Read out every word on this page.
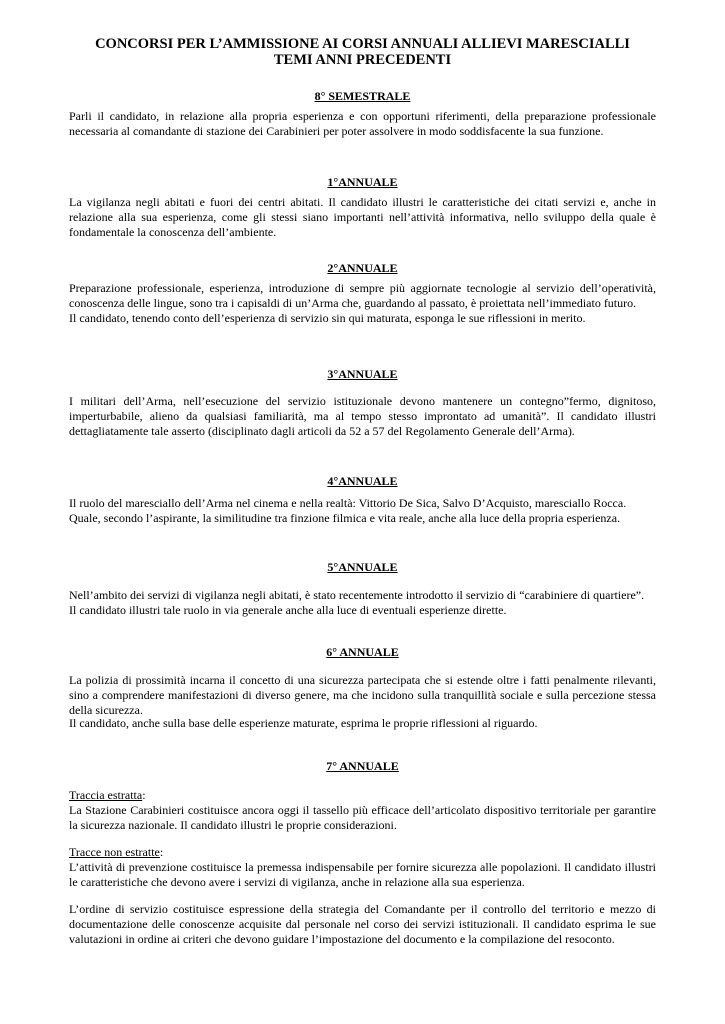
CONCORSI PER L’AMMISSIONE AI CORSI ANNUALI ALLIEVI MARESCIALLI
TEMI ANNI PRECEDENTI
8° SEMESTRALE

Parli il candidato, in relazione alla propria esperienza e con opportuni riferimenti, della preparazione professionale necessaria al comandante di stazione dei Carabinieri per poter assolvere in modo soddisfacente la sua funzione.

1°ANNUALE

La vigilanza negli abitati e fuori dei centri abitati. Il candidato illustri le caratteristiche dei citati servizi e, anche in relazione alla sua esperienza, come gli stessi siano importanti nell’attività informativa, nello sviluppo della quale è fondamentale la conoscenza dell’ambiente.

2°ANNUALE

Preparazione professionale, esperienza, introduzione di sempre più aggiornate tecnologie al servizio dell’operatività, conoscenza delle lingue, sono tra i capisaldi di un’Arma che, guardando al passato, è proiettata nell’immediato futuro.

Il candidato, tenendo conto dell’esperienza di servizio sin qui maturata, esponga le sue riflessioni in merito.

3°ANNUALE

I militari dell’Arma, nell’esecuzione del servizio istituzionale devono mantenere un contegno”fermo, dignitoso, imperturbabile, alieno da qualsiasi familiarità, ma al tempo stesso improntato ad umanità”. Il candidato illustri dettagliatamente tale asserto (disciplinato dagli articoli da 52 a 57 del Regolamento Generale dell’Arma).

4°ANNUALE

Il ruolo del maresciallo dell’Arma nel cinema e nella realtà: Vittorio De Sica, Salvo D’Acquisto, maresciallo Rocca.

Quale, secondo l’aspirante, la similitudine tra finzione filmica e vita reale, anche alla luce della propria esperienza.

5°ANNUALE

Nell’ambito dei servizi di vigilanza negli abitati, è stato recentemente introdotto il servizio di “carabiniere di quartiere”.

Il candidato illustri tale ruolo in via generale anche alla luce di eventuali esperienze dirette.

6° ANNUALE

La polizia di prossimità incarna il concetto di una sicurezza partecipata che si estende oltre i fatti penalmente rilevanti, sino a comprendere manifestazioni di diverso genere, ma che incidono sulla tranquillità sociale e sulla percezione stessa della sicurezza.

Il candidato, anche sulla base delle esperienze maturate, esprima le proprie riflessioni al riguardo.

7° ANNUALE

Traccia estratta:

La Stazione Carabinieri costituisce ancora oggi il tassello più efficace dell’articolato dispositivo territoriale per garantire la sicurezza nazionale. Il candidato illustri le proprie considerazioni.

Tracce non estratte:

L’attività di prevenzione costituisce la premessa indispensabile per fornire sicurezza alle popolazioni. Il candidato illustri le caratteristiche che devono avere i servizi di vigilanza, anche in relazione alla sua esperienza.

L’ordine di servizio costituisce espressione della strategia del Comandante per il controllo del territorio e mezzo di documentazione delle conoscenze acquisite dal personale nel corso dei servizi istituzionali. Il candidato esprima le sue valutazioni in ordine ai criteri che devono guidare l’impostazione del documento e la compilazione del resoconto.
